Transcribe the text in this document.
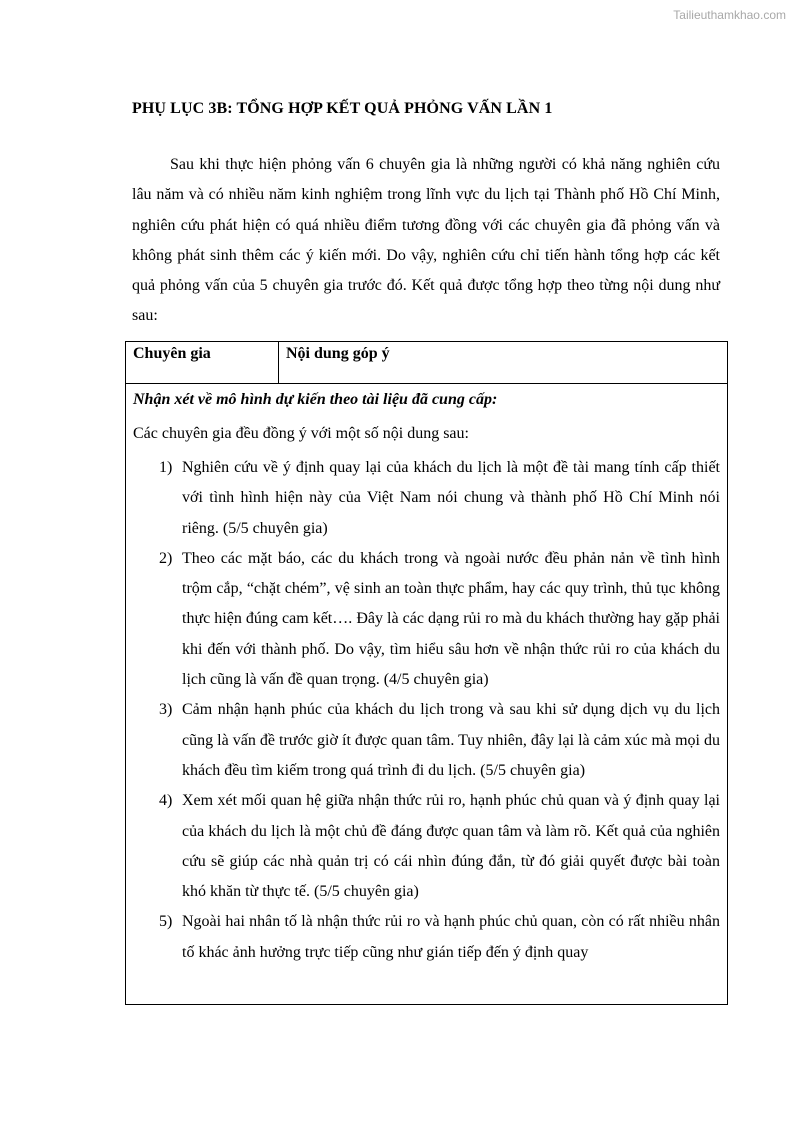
Tailieuthamkhao.com
PHỤ LỤC 3B: TỔNG HỢP KẾT QUẢ PHỎNG VẤN LẦN 1

Sau khi thực hiện phỏng vấn 6 chuyên gia là những người có khả năng nghiên cứu lâu năm và có nhiều năm kinh nghiệm trong lĩnh vực du lịch tại Thành phố Hồ Chí Minh, nghiên cứu phát hiện có quá nhiều điểm tương đồng với các chuyên gia đã phỏng vấn và không phát sinh thêm các ý kiến mới. Do vậy, nghiên cứu chỉ tiến hành tổng hợp các kết quả phỏng vấn của 5 chuyên gia trước đó. Kết quả được tổng hợp theo từng nội dung như sau:

Chuyên gia	Nội dung góp ý

Nhận xét về mô hình dự kiến theo tài liệu đã cung cấp:

Các chuyên gia đều đồng ý với một số nội dung sau:

1) Nghiên cứu về ý định quay lại của khách du lịch là một đề tài mang tính cấp thiết với tình hình hiện này của Việt Nam nói chung và thành phố Hồ Chí Minh nói riêng. (5/5 chuyên gia)
2) Theo các mặt báo, các du khách trong và ngoài nước đều phản nản về tình hình trộm cắp, “chặt chém”, vệ sinh an toàn thực phẩm, hay các quy trình, thủ tục không thực hiện đúng cam kết…. Đây là các dạng rủi ro mà du khách thường hay gặp phải khi đến với thành phố. Do vậy, tìm hiểu sâu hơn về nhận thức rủi ro của khách du lịch cũng là vấn đề quan trọng. (4/5 chuyên gia)
3) Cảm nhận hạnh phúc của khách du lịch trong và sau khi sử dụng dịch vụ du lịch cũng là vấn đề trước giờ ít được quan tâm. Tuy nhiên, đây lại là cảm xúc mà mọi du khách đều tìm kiếm trong quá trình đi du lịch. (5/5 chuyên gia)
4) Xem xét mối quan hệ giữa nhận thức rủi ro, hạnh phúc chủ quan và ý định quay lại của khách du lịch là một chủ đề đáng được quan tâm và làm rõ. Kết quả của nghiên cứu sẽ giúp các nhà quản trị có cái nhìn đúng đắn, từ đó giải quyết được bài toàn khó khăn từ thực tế. (5/5 chuyên gia)
5) Ngoài hai nhân tố là nhận thức rủi ro và hạnh phúc chủ quan, còn có rất nhiều nhân tố khác ảnh hưởng trực tiếp cũng như gián tiếp đến ý định quay
